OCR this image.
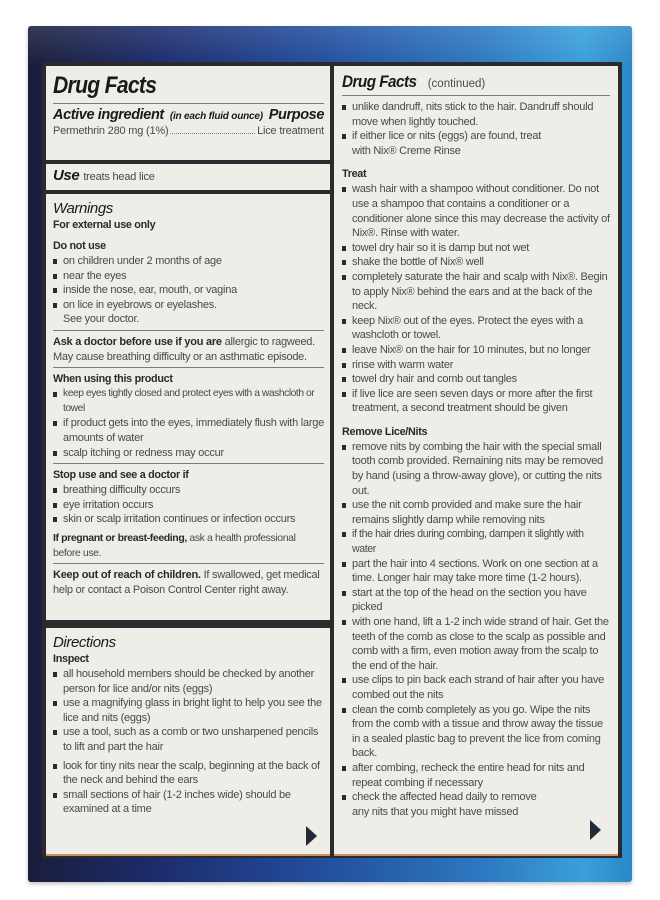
Drug Facts
Active ingredient (in each fluid ounce) Purpose
Permethrin 280 mg (1%)	Lice treatment
Use treats head lice
Warnings
For external use only
Do not use
on children under 2 months of age
near the eyes
inside the nose, ear, mouth, or vagina
on lice in eyebrows or eyelashes. See your doctor.
Ask a doctor before use if you are allergic to ragweed. May cause breathing difficulty or an asthmatic episode.
When using this product
keep eyes tightly closed and protect eyes with a washcloth or towel
if product gets into the eyes, immediately flush with large amounts of water
scalp itching or redness may occur
Stop use and see a doctor if
breathing difficulty occurs
eye irritation occurs
skin or scalp irritation continues or infection occurs
If pregnant or breast-feeding, ask a health professional before use.
Keep out of reach of children. If swallowed, get medical help or contact a Poison Control Center right away.
Directions
Inspect
all household members should be checked by another person for lice and/or nits (eggs)
use a magnifying glass in bright light to help you see the lice and nits (eggs)
use a tool, such as a comb or two unsharpened pencils to lift and part the hair
look for tiny nits near the scalp, beginning at the back of the neck and behind the ears
small sections of hair (1-2 inches wide) should be examined at a time
Drug Facts (continued)
unlike dandruff, nits stick to the hair. Dandruff should move when lightly touched.
if either lice or nits (eggs) are found, treat with Nix® Creme Rinse
Treat
wash hair with a shampoo without conditioner. Do not use a shampoo that contains a conditioner or a conditioner alone since this may decrease the activity of Nix®. Rinse with water.
towel dry hair so it is damp but not wet
shake the bottle of Nix® well
completely saturate the hair and scalp with Nix®. Begin to apply Nix® behind the ears and at the back of the neck.
keep Nix® out of the eyes. Protect the eyes with a washcloth or towel.
leave Nix® on the hair for 10 minutes, but no longer
rinse with warm water
towel dry hair and comb out tangles
if live lice are seen seven days or more after the first treatment, a second treatment should be given
Remove Lice/Nits
remove nits by combing the hair with the special small tooth comb provided. Remaining nits may be removed by hand (using a throw-away glove), or cutting the nits out.
use the nit comb provided and make sure the hair remains slightly damp while removing nits
if the hair dries during combing, dampen it slightly with water
part the hair into 4 sections. Work on one section at a time. Longer hair may take more time (1-2 hours).
start at the top of the head on the section you have picked
with one hand, lift a 1-2 inch wide strand of hair. Get the teeth of the comb as close to the scalp as possible and comb with a firm, even motion away from the scalp to the end of the hair.
use clips to pin back each strand of hair after you have combed out the nits
clean the comb completely as you go. Wipe the nits from the comb with a tissue and throw away the tissue in a sealed plastic bag to prevent the lice from coming back.
after combing, recheck the entire head for nits and repeat combing if necessary
check the affected head daily to remove any nits that you might have missed
